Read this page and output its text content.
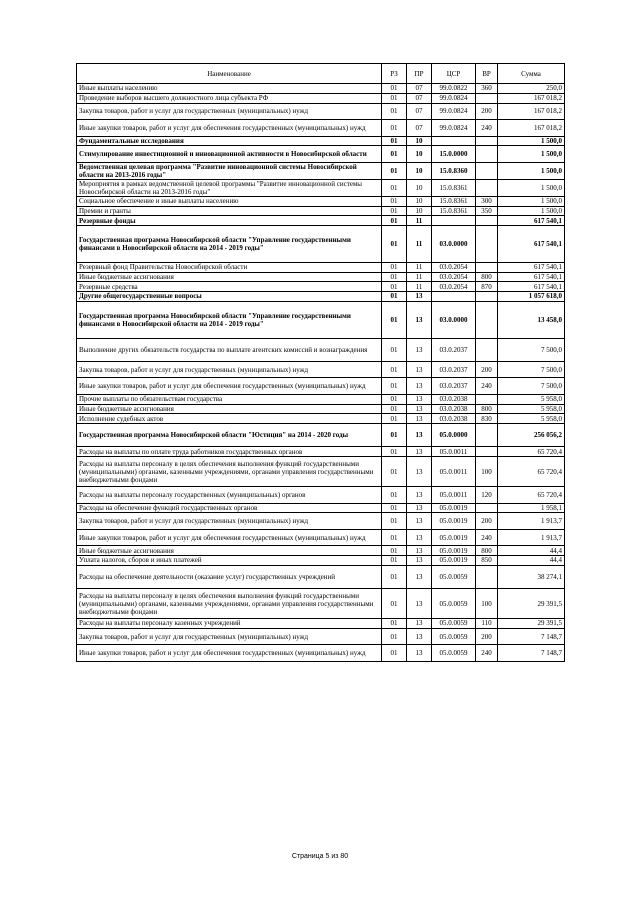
Наименование	РЗ	ПР	ЦСР	ВР	Сумма
Иные выплаты населению	01	07	99.0.0822	360	250,0
Проведение выборов высшего должностного лица субъекта РФ	01	07	99.0.0824		167 018,2
Закупка товаров, работ и услуг для государственных (муниципальных) нужд	01	07	99.0.0824	200	167 018,2
Иные закупки товаров, работ и услуг для обеспечения государственных (муниципальных) нужд	01	07	99.0.0824	240	167 018,2
Фундаментальные исследования	01	10			1 500,0
Стимулирование инвестиционной и инновационной активности в Новосибирской области	01	10	15.0.0000		1 500,0
Ведомственная целевая программа "Развитие инновационной системы Новосибирской области на 2013-2016 годы"	01	10	15.0.8360		1 500,0
Мероприятия в рамках ведомственной целевой программы "Развитие инновационной системы Новосибирской области на 2013-2016 годы"	01	10	15.0.8361		1 500,0
Социальное обеспечение и иные выплаты населению	01	10	15.0.8361	300	1 500,0
Премии и гранты	01	10	15.0.8361	350	1 500,0
Резервные фонды	01	11			617 540,1
Государственная программа Новосибирской области "Управление государственными финансами в Новосибирской области на 2014 - 2019 годы"	01	11	03.0.0000		617 540,1
Резервный фонд Правительства Новосибирской области	01	11	03.0.2054		617 540,1
Иные бюджетные ассигнования	01	11	03.0.2054	800	617 540,1
Резервные средства	01	11	03.0.2054	870	617 540,1
Другие общегосударственные вопросы	01	13			1 057 618,0
Государственная программа Новосибирской области "Управление государственными финансами в Новосибирской области на 2014 - 2019 годы"	01	13	03.0.0000		13 458,0
Выполнение других обязательств государства по выплате агентских комиссий и вознаграждения	01	13	03.0.2037		7 500,0
Закупка товаров, работ и услуг для государственных (муниципальных) нужд	01	13	03.0.2037	200	7 500,0
Иные закупки товаров, работ и услуг для обеспечения государственных (муниципальных) нужд	01	13	03.0.2037	240	7 500,0
Прочие выплаты по обязательствам государства	01	13	03.0.2038		5 958,0
Иные бюджетные ассигнования	01	13	03.0.2038	800	5 958,0
Исполнение судебных актов	01	13	03.0.2038	830	5 958,0
Государственная программа Новосибирской области "Юстиция" на 2014 - 2020 годы	01	13	05.0.0000		256 056,2
Расходы на выплаты по оплате труда работников государственных органов	01	13	05.0.0011		65 720,4
Расходы на выплаты персоналу в целях обеспечения выполнения функций государственными (муниципальными) органами, казенными учреждениями, органами управления государственными внебюджетными фондами	01	13	05.0.0011	100	65 720,4
Расходы на выплаты персоналу государственных (муниципальных) органов	01	13	05.0.0011	120	65 720,4
Расходы на обеспечение функций государственных органов	01	13	05.0.0019		1 958,1
Закупка товаров, работ и услуг для государственных (муниципальных) нужд	01	13	05.0.0019	200	1 913,7
Иные закупки товаров, работ и услуг для обеспечения государственных (муниципальных) нужд	01	13	05.0.0019	240	1 913,7
Иные бюджетные ассигнования	01	13	05.0.0019	800	44,4
Уплата налогов, сборов и иных платежей	01	13	05.0.0019	850	44,4
Расходы на обеспечение деятельности (оказание услуг) государственных учреждений	01	13	05.0.0059		38 274,1
Расходы на выплаты персоналу в целях обеспечения выполнения функций государственными (муниципальными) органами, казенными учреждениями, органами управления государственными внебюджетными фондами	01	13	05.0.0059	100	29 391,5
Расходы на выплаты персоналу казенных учреждений	01	13	05.0.0059	110	29 391,5
Закупка товаров, работ и услуг для государственных (муниципальных) нужд	01	13	05.0.0059	200	7 148,7
Иные закупки товаров, работ и услуг для обеспечения государственных (муниципальных) нужд	01	13	05.0.0059	240	7 148,7
Страница 5 из 80
